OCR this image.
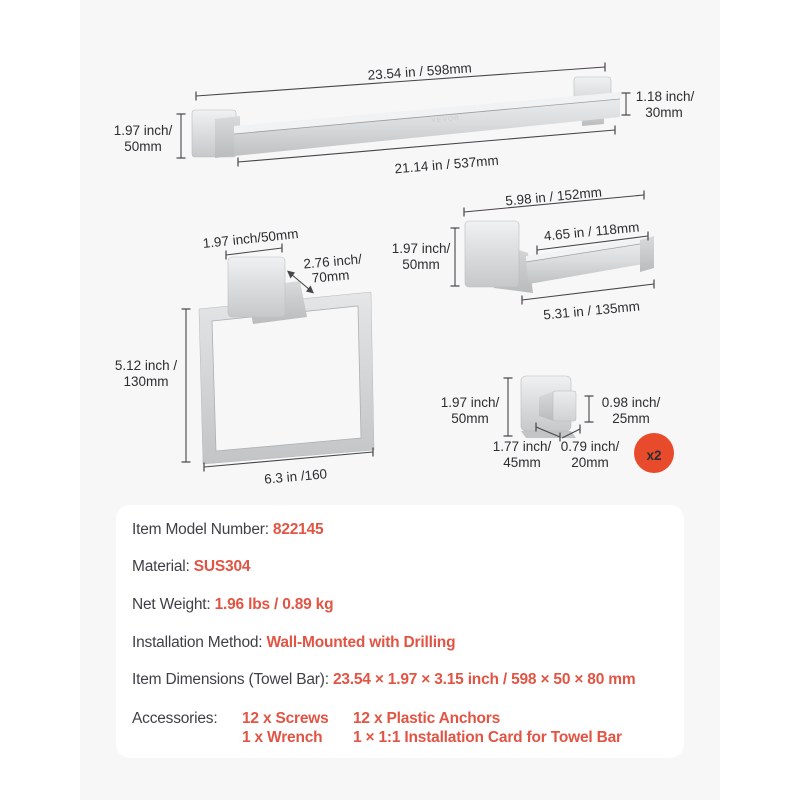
VEVOR
23.54 in / 598mm
21.14 in / 537mm
1.97 inch/
50mm
1.18 inch/
30mm
5.98 in / 152mm
4.65 in / 118mm
1.97 inch/
50mm
5.31 in / 135mm
1.97 inch/50mm
2.76 inch/
70mm
5.12 inch /
130mm
6.3 in /160
1.97 inch/
50mm
0.98 inch/
25mm
1.77 inch/
45mm
0.79 inch/
20mm	x2
Item Model Number: 822145
Material: SUS304
Net Weight: 1.96 lbs / 0.89 kg
Installation Method: Wall-Mounted with Drilling
Item Dimensions (Towel Bar): 23.54 × 1.97 × 3.15 inch / 598 × 50 × 80 mm
Accessories: 12 x Screws 12 x Plastic Anchors
1 x Wrench 1 × 1:1 Installation Card for Towel Bar
